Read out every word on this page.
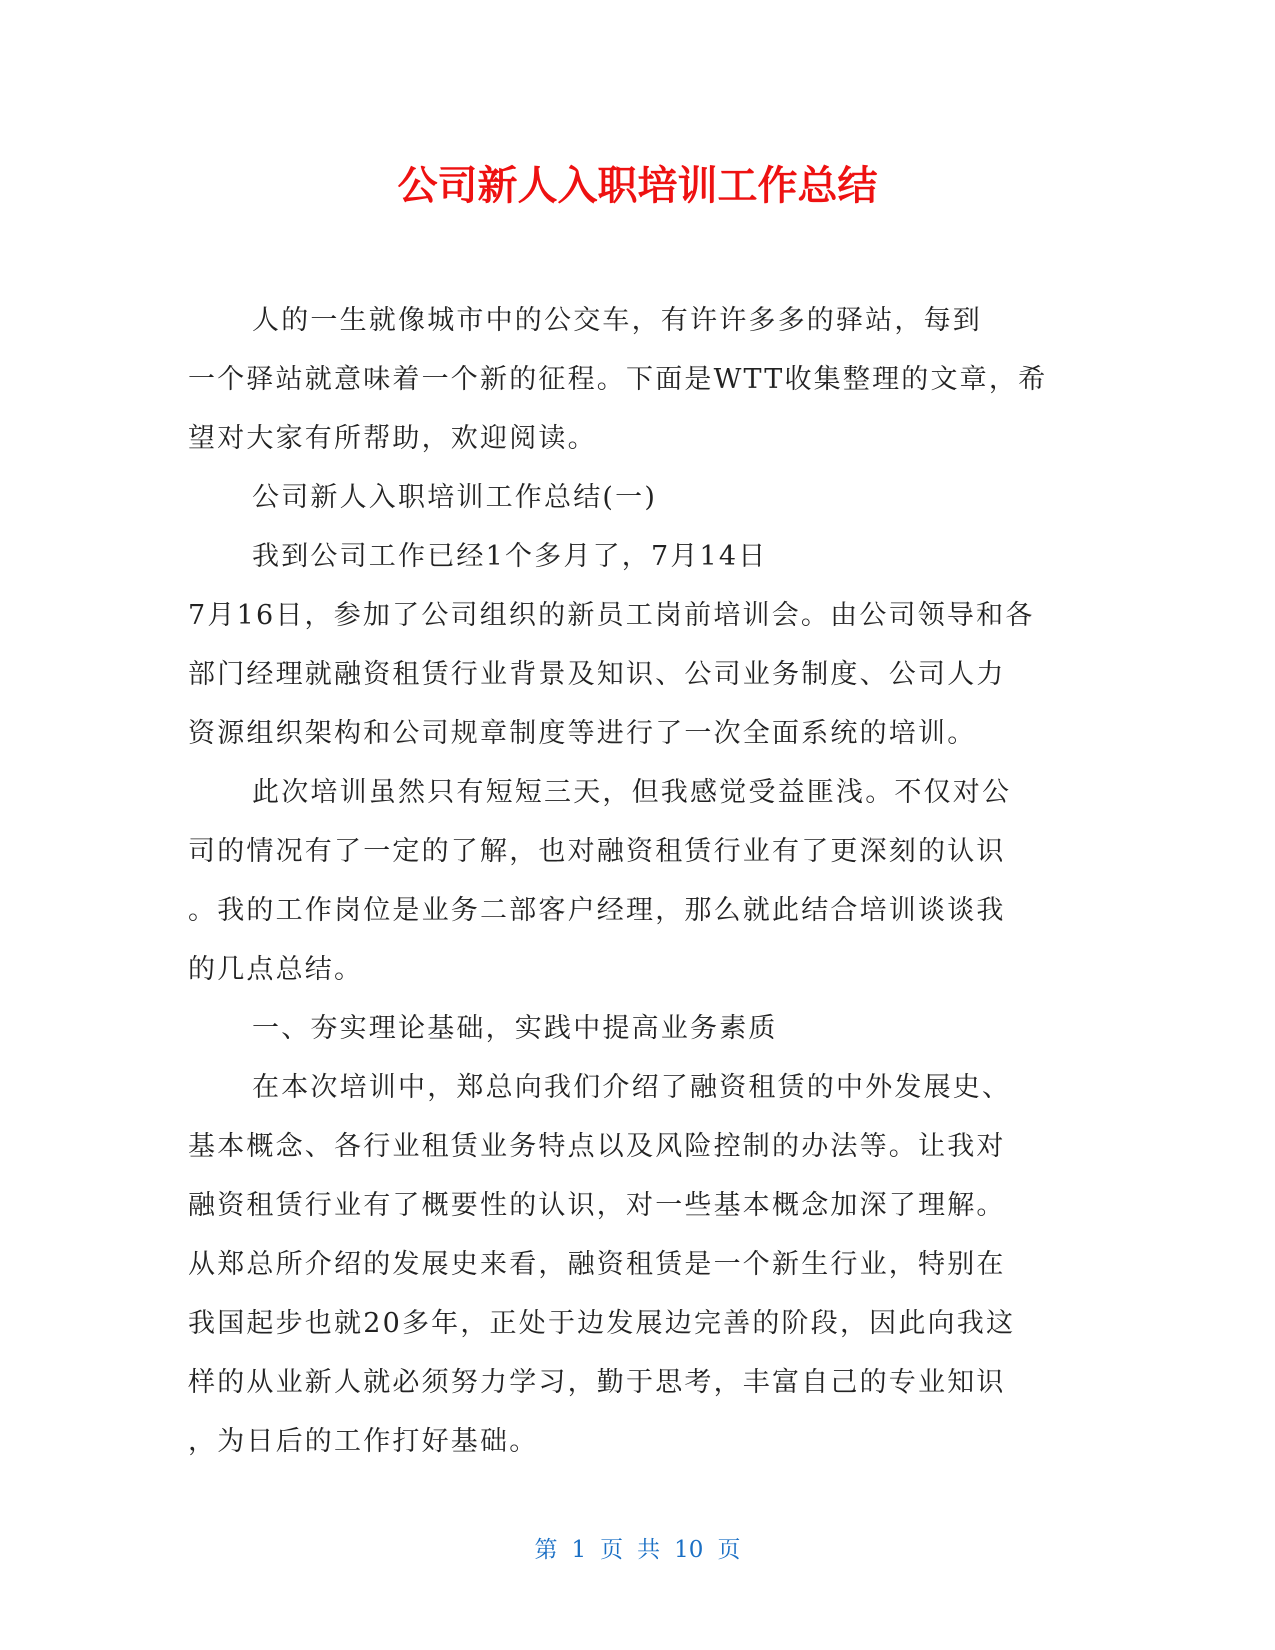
公司新人入职培训工作总结
人的一生就像城市中的公交车，有许许多多的驿站，每到
一个驿站就意味着一个新的征程。下面是WTT收集整理的文章，希
望对大家有所帮助，欢迎阅读。
公司新人入职培训工作总结(一)
我到公司工作已经1个多月了，7月14日
7月16日，参加了公司组织的新员工岗前培训会。由公司领导和各
部门经理就融资租赁行业背景及知识、公司业务制度、公司人力
资源组织架构和公司规章制度等进行了一次全面系统的培训。
此次培训虽然只有短短三天，但我感觉受益匪浅。不仅对公
司的情况有了一定的了解，也对融资租赁行业有了更深刻的认识
。我的工作岗位是业务二部客户经理，那么就此结合培训谈谈我
的几点总结。
一、夯实理论基础，实践中提高业务素质
在本次培训中，郑总向我们介绍了融资租赁的中外发展史、
基本概念、各行业租赁业务特点以及风险控制的办法等。让我对
融资租赁行业有了概要性的认识，对一些基本概念加深了理解。
从郑总所介绍的发展史来看，融资租赁是一个新生行业，特别在
我国起步也就20多年，正处于边发展边完善的阶段，因此向我这
样的从业新人就必须努力学习，勤于思考，丰富自己的专业知识
，为日后的工作打好基础。
第 1 页 共 10 页
